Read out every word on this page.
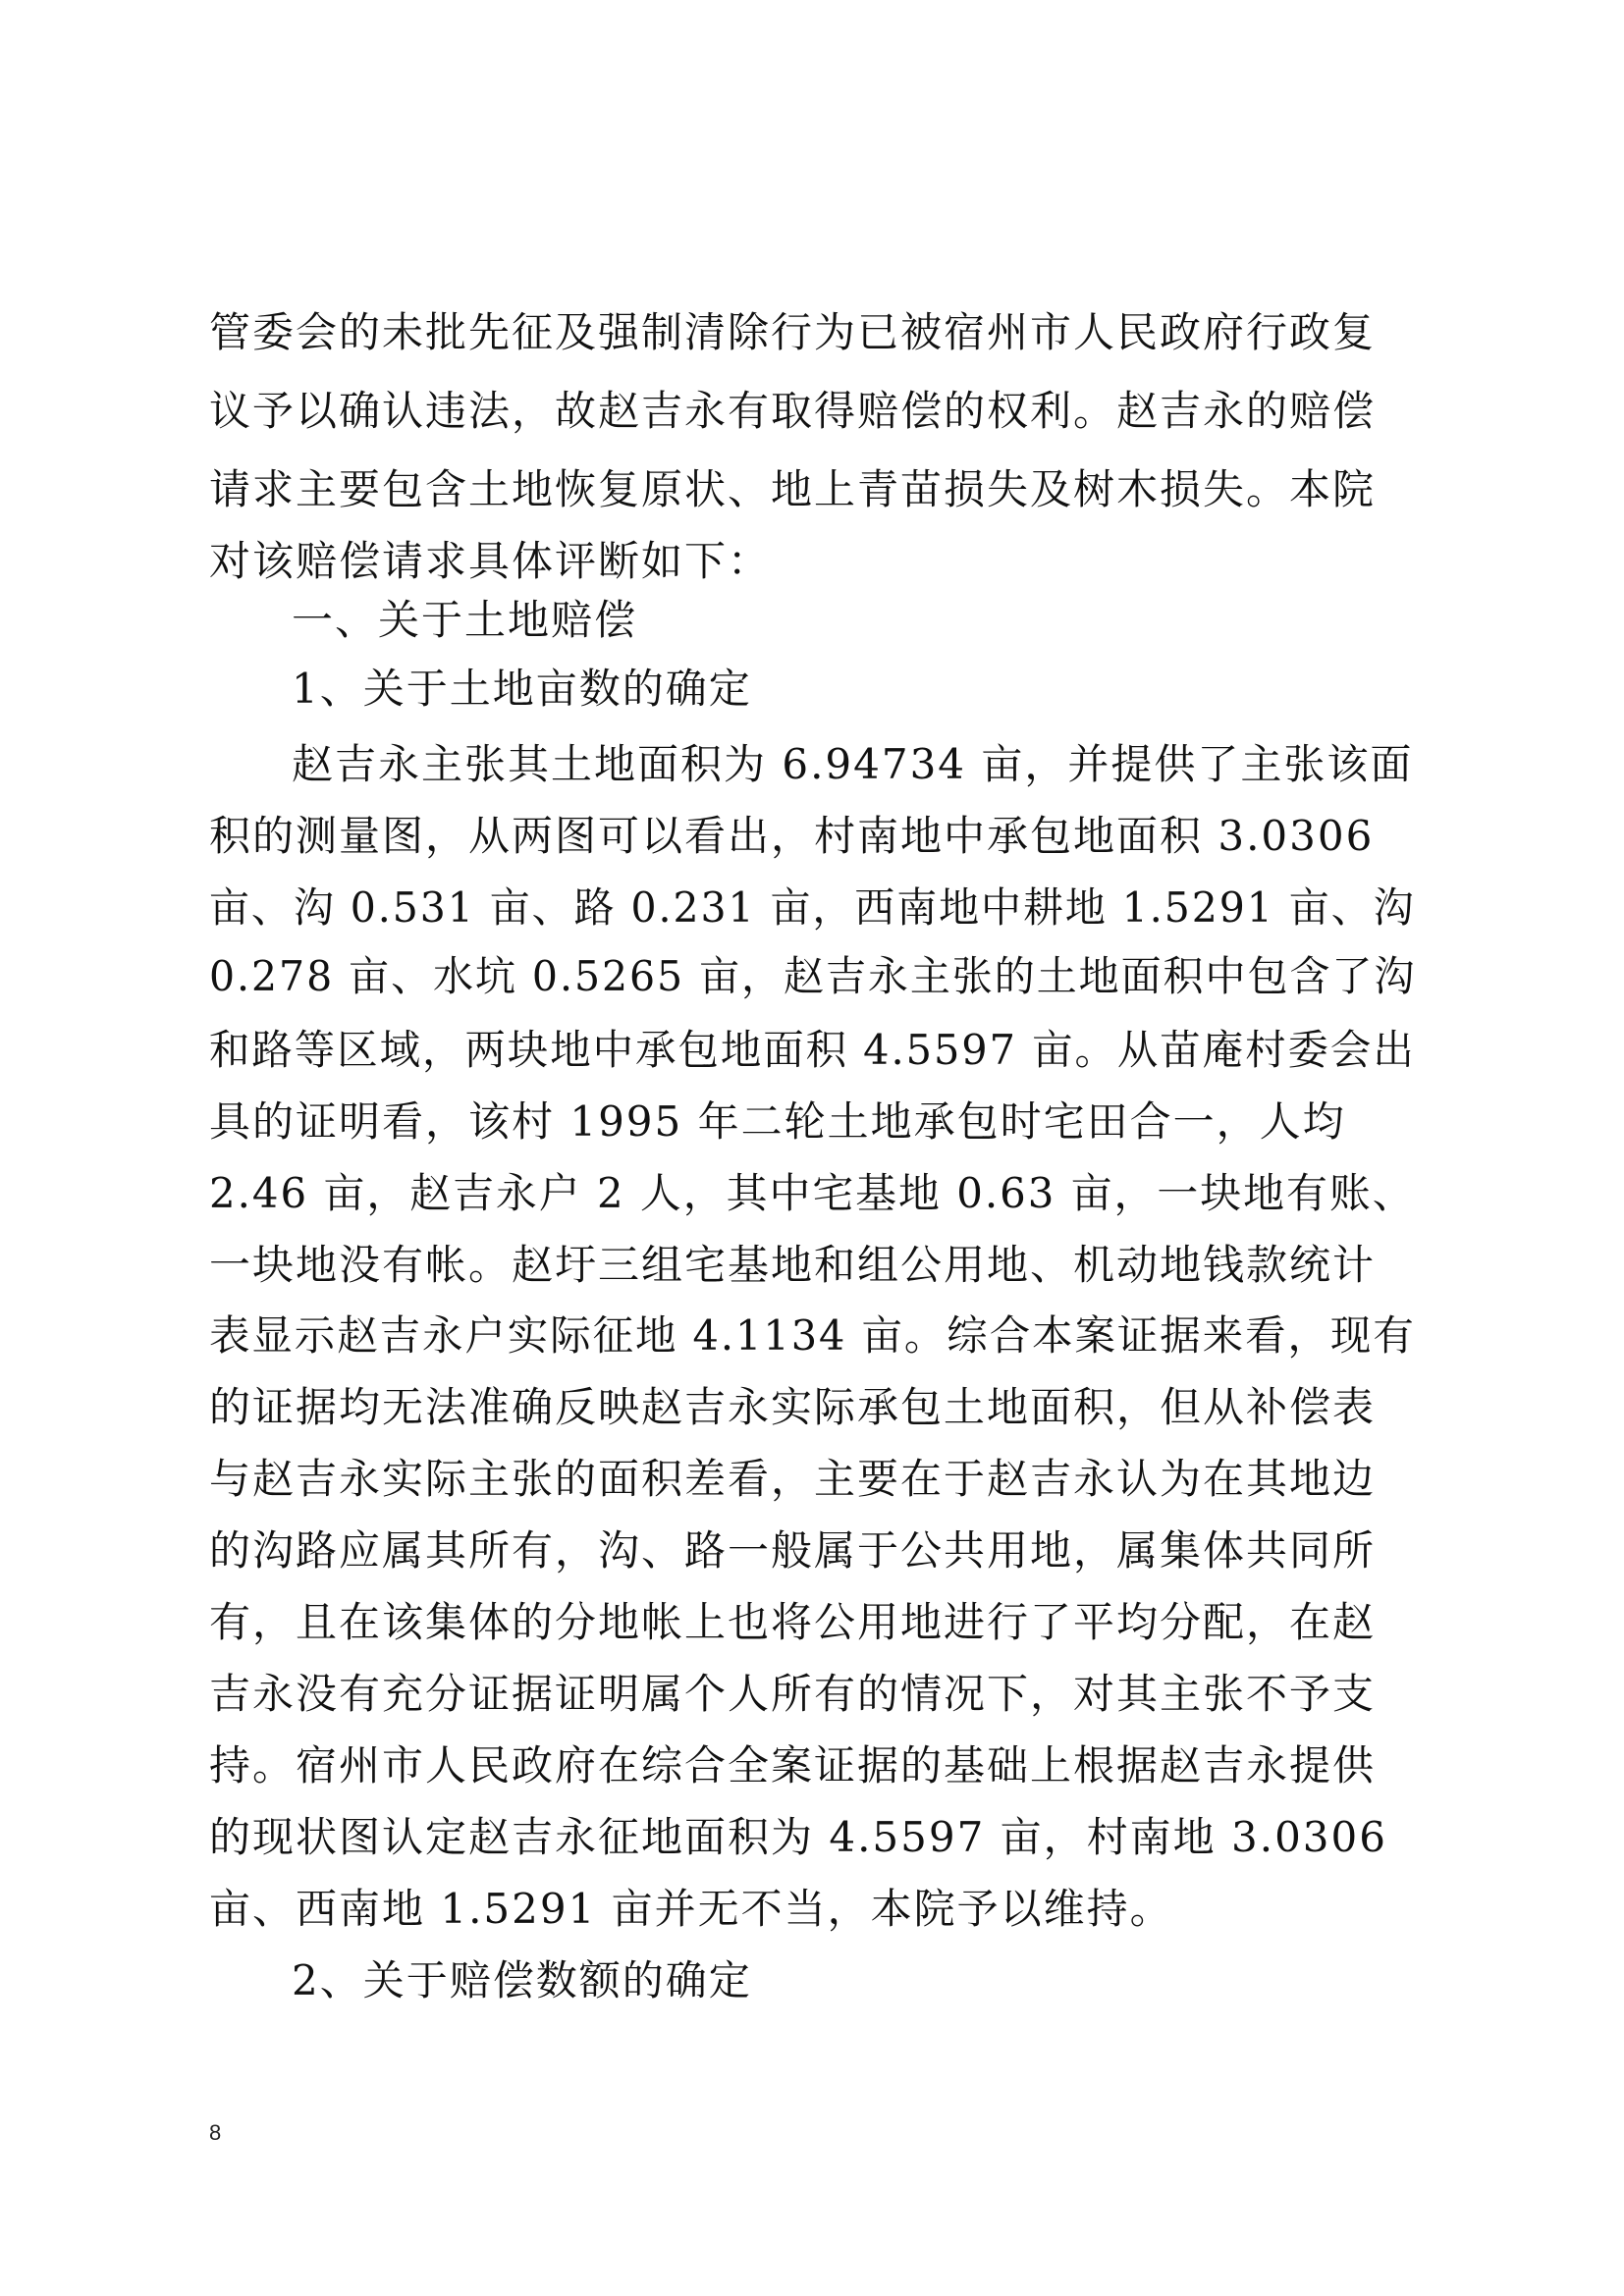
管委会的未批先征及强制清除行为已被宿州市人民政府行政复
议予以确认违法，故赵吉永有取得赔偿的权利。赵吉永的赔偿
请求主要包含土地恢复原状、地上青苗损失及树木损失。本院
对该赔偿请求具体评断如下：
一、关于土地赔偿
1、关于土地亩数的确定
赵吉永主张其土地面积为 6.94734 亩，并提供了主张该面
积的测量图，从两图可以看出，村南地中承包地面积 3.0306
亩、沟 0.531 亩、路 0.231 亩，西南地中耕地 1.5291 亩、沟
0.278 亩、水坑 0.5265 亩，赵吉永主张的土地面积中包含了沟
和路等区域，两块地中承包地面积 4.5597 亩。从苗庵村委会出
具的证明看，该村 1995 年二轮土地承包时宅田合一，人均
2.46 亩，赵吉永户 2 人，其中宅基地 0.63 亩，一块地有账、
一块地没有帐。赵圩三组宅基地和组公用地、机动地钱款统计
表显示赵吉永户实际征地 4.1134 亩。综合本案证据来看，现有
的证据均无法准确反映赵吉永实际承包土地面积，但从补偿表
与赵吉永实际主张的面积差看，主要在于赵吉永认为在其地边
的沟路应属其所有，沟、路一般属于公共用地，属集体共同所
有，且在该集体的分地帐上也将公用地进行了平均分配，在赵
吉永没有充分证据证明属个人所有的情况下，对其主张不予支
持。宿州市人民政府在综合全案证据的基础上根据赵吉永提供
的现状图认定赵吉永征地面积为 4.5597 亩，村南地 3.0306
亩、西南地 1.5291 亩并无不当，本院予以维持。
2、关于赔偿数额的确定
8
